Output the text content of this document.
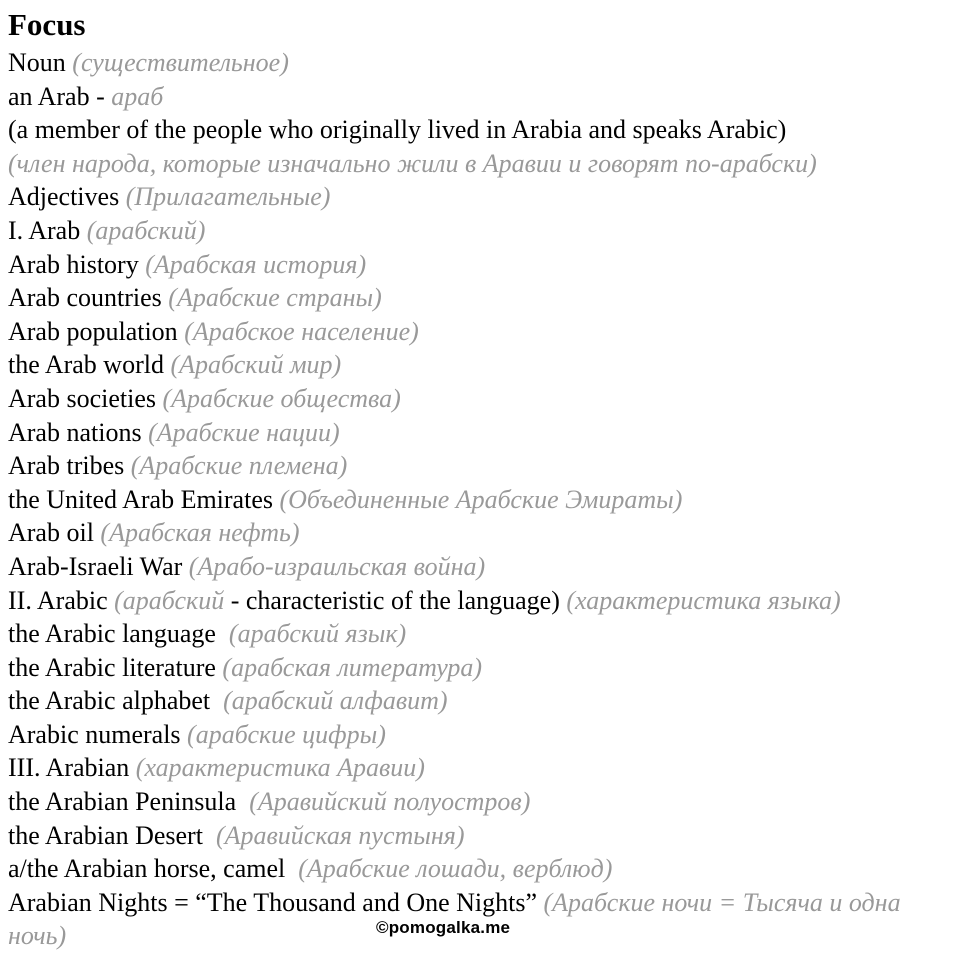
Focus
Noun (существительное)
an Arab - араб
(a member of the people who originally lived in Arabia and speaks Arabic)
(член народа, которые изначально жили в Аравии и говорят по-арабски)
Adjectives (Прилагательные)
I. Arab (арабский)
Arab history (Арабская история)
Arab countries (Арабские страны)
Arab population (Арабское население)
the Arab world (Арабский мир)
Arab societies (Арабские общества)
Arab nations (Арабские нации)
Arab tribes (Арабские племена)
the United Arab Emirates (Объединенные Арабские Эмираты)
Arab oil (Арабская нефть)
Arab-Israeli War (Арабо-израильская война)
II. Arabic (арабский - characteristic of the language) (характеристика языка)
the Arabic language (арабский язык)
the Arabic literature (арабская литература)
the Arabic alphabet (арабский алфавит)
Arabic numerals (арабские цифры)
III. Arabian (характеристика Аравии)
the Arabian Peninsula (Аравийский полуостров)
the Arabian Desert (Аравийская пустыня)
a/the Arabian horse, camel (Арабские лошади, верблюд)
Arabian Nights = “The Thousand and One Nights” (Арабские ночи = Тысяча и одна ночь)	©pomogalka.me
